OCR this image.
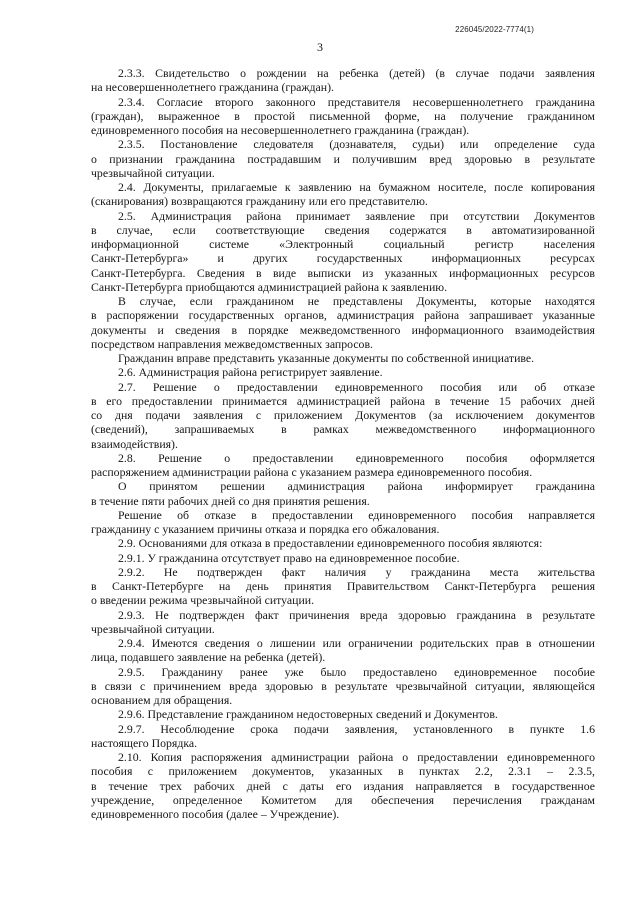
226045/2022-7774(1)
3
2.3.3. Свидетельство о рождении на ребенка (детей) (в случае подачи заявления
на несовершеннолетнего гражданина (граждан).
2.3.4. Согласие второго законного представителя несовершеннолетнего гражданина
(граждан), выраженное в простой письменной форме, на получение гражданином
единовременного пособия на несовершеннолетнего гражданина (граждан).
2.3.5. Постановление следователя (дознавателя, судьи) или определение суда
о признании гражданина пострадавшим и получившим вред здоровью в результате
чрезвычайной ситуации.
2.4. Документы, прилагаемые к заявлению на бумажном носителе, после копирования
(сканирования) возвращаются гражданину или его представителю.
2.5. Администрация района принимает заявление при отсутствии Документов
в случае, если соответствующие сведения содержатся в автоматизированной
информационной системе «Электронный социальный регистр населения
Санкт-Петербурга» и других государственных информационных ресурсах
Санкт-Петербурга. Сведения в виде выписки из указанных информационных ресурсов
Санкт-Петербурга приобщаются администрацией района к заявлению.
В случае, если гражданином не представлены Документы, которые находятся
в распоряжении государственных органов, администрация района запрашивает указанные
документы и сведения в порядке межведомственного информационного взаимодействия
посредством направления межведомственных запросов.
Гражданин вправе представить указанные документы по собственной инициативе.
2.6. Администрация района регистрирует заявление.
2.7. Решение о предоставлении единовременного пособия или об отказе
в его предоставлении принимается администрацией района в течение 15 рабочих дней
со дня подачи заявления с приложением Документов (за исключением документов
(сведений), запрашиваемых в рамках межведомственного информационного
взаимодействия).
2.8. Решение о предоставлении единовременного пособия оформляется
распоряжением администрации района с указанием размера единовременного пособия.
О принятом решении администрация района информирует гражданина
в течение пяти рабочих дней со дня принятия решения.
Решение об отказе в предоставлении единовременного пособия направляется
гражданину с указанием причины отказа и порядка его обжалования.
2.9. Основаниями для отказа в предоставлении единовременного пособия являются:
2.9.1. У гражданина отсутствует право на единовременное пособие.
2.9.2. Не подтвержден факт наличия у гражданина места жительства
в Санкт-Петербурге на день принятия Правительством Санкт-Петербурга решения
о введении режима чрезвычайной ситуации.
2.9.3. Не подтвержден факт причинения вреда здоровью гражданина в результате
чрезвычайной ситуации.
2.9.4. Имеются сведения о лишении или ограничении родительских прав в отношении
лица, подавшего заявление на ребенка (детей).
2.9.5. Гражданину ранее уже было предоставлено единовременное пособие
в связи с причинением вреда здоровью в результате чрезвычайной ситуации, являющейся
основанием для обращения.
2.9.6. Представление гражданином недостоверных сведений и Документов.
2.9.7. Несоблюдение срока подачи заявления, установленного в пункте 1.6
настоящего Порядка.
2.10. Копия распоряжения администрации района о предоставлении единовременного
пособия с приложением документов, указанных в пунктах 2.2, 2.3.1 – 2.3.5,
в течение трех рабочих дней с даты его издания направляется в государственное
учреждение, определенное Комитетом для обеспечения перечисления гражданам
единовременного пособия (далее – Учреждение).
